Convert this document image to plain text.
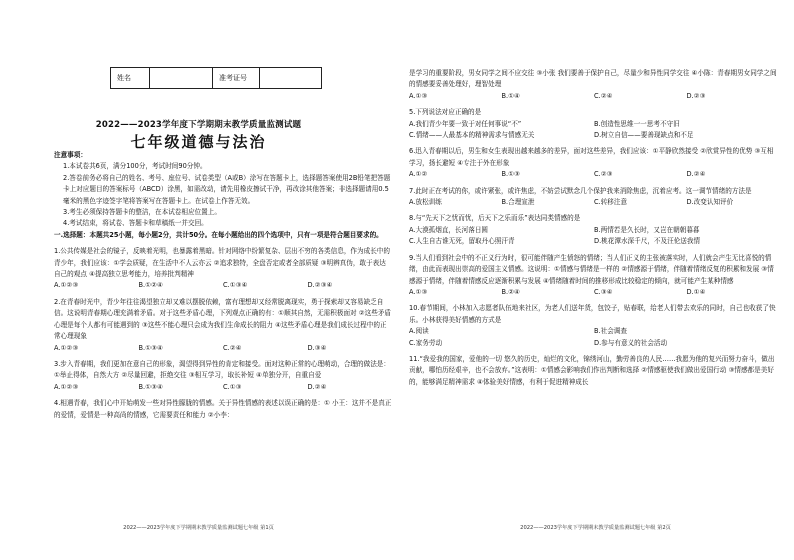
姓名	准考证号
2022——2023学年度下学期期末教学质量监测试题
七年级道德与法治

注意事项：

1.本试卷共6页，满分100分，考试时间90分钟。

2.答卷前务必将自己的姓名、考号、座位号、试卷类型（A或B）涂写在答题卡上，选择题答案使用2B铅笔把答题卡上对应题目的答案标号（ABCD）涂黑，如需改动，请先用橡皮擦试干净，再改涂其他答案；非选择题请用0.5毫米的黑色字迹签字笔将答案写在答题卡上。在试卷上作答无效。

3.考生必须保持答题卡的整洁，在本试卷相应位置上。

4.考试结束，将试卷、答题卡和草稿纸一并交回。

一.选择题：本题共25小题，每小题2分，共计50分。在每小题给出的四个选项中，只有一项是符合题目要求的。

1.公共传媒是社会的镜子，反映着光明，也暴露着黑暗。针对网络中纷繁复杂、层出不穷的各类信息，作为成长中的青少年，我们应该：①学会质疑，在生活中不人云亦云 ②追求独特，全盘否定或者全部质疑 ③明辨真伪，敢于表达自己的观点 ④提高独立思考能力，培养批判精神

A.①②③	B.①②④	C.①③④	D.②③④

2.在青春时光中，青少年往往渴望独立却又难以摆脱依赖，富有理想却又经常脱离现实，勇于探索却又容易缺乏自信。这说明青春期心理充满着矛盾。对于这些矛盾心理，下列观点正确的有：①顺其自然，无需积极面对 ②这些矛盾心理是每个人都有可能遇到的 ③这些不能心理只会成为我们生命成长的阻力 ④这些矛盾心理是我们成长过程中的正常心理现象

A.①②③	B.①③④	C.②④	D.③④

3.步入青春期，我们更加在意自己的形象，渴望得到异性的肯定和接受。面对这种正常的心理萌动，合理的做法是：①举止得体，自然大方 ②尽量回避，拒绝交往 ③相互学习，取长补短 ④单独分开，自重自爱

A.①②③	B.①③④	C.①③	D.②④

4.相遇青春，我们心中开始萌发一些对异性朦胧的情感。关于异性情感的表述以误正确的是：① 小王：这并不是真正的爱情，爱情是一种高尚的情感，它需要责任和能力 ②小李：

2022——2023学年度下学期期末教学质量监测试题七年级 第1页

是学习的重要阶段，男女同学之间不应交往 ③小张 我们要善于保护自己，尽量少和异性同学交往 ④小陈：青春期男女同学之间的情感要妥善处理好，理智处理

A.①③	B.①④	C.②④	D.②③

5.下列说法对应正确的是

A.我们青少年要一致于对任何事说“不”	B.创造性思维一一思考不守旧
C.情绪——人最基本的精神需求与情感无关	D.树立自信——要善现缺点和不足

6.迅入青春期以后，男生和女生表现出越来越多的差异，面对这些差异，我们应该：①平静欣然接受 ②欣赏异性的优势 ③互相学习，扬长避短 ④专注于外在形象

A.①②	B.①③	C.②③	D.②④

7.此时正在考试的你，或许紧张，或许焦虑，不妨尝试默念几个保护我来消除焦虑，沉着应考。这一调节情绪的方法是

A.放松训练	B.合理宣泄	C.转移注意	D.改变认知评价

8.与“先天下之忧而忧，后天下之乐而乐”表达同类情感的是

A.大漠孤烟直，长河落日圆	B.两情若是久长时，又岂在朝朝暮暮
C.人生自古谁无死，留取丹心照汗青	D.桃花潭水深千尺，不及汪伦送我情

9.当人们看到社会中的不正义行为时，很可能伴随产生愤怒的情绪；当人们正义的主张被落实时，人们就会产生无比喜悦的情绪，由此而表现出崇高的爱国主义情感。这说明：①情感与情绪是一样的 ②情感源于情绪，伴随着情绪反复的积累和发展 ③情感源于情绪，伴随着情感反应逐渐积累与发展 ④情绪随着时间的推移形成比较稳定的倾向，就可能产生某种情感

A.①③	B.②④	C.③④	D.①④

10.春节期间，小林加入志愿者队伍地来社区，为老人们送年货，包饺子，贴春联，给老人们带去欢乐的同时，自己也收获了快乐。小林获得美好情感的方式是

A.阅读	B.社会调查
C.家务劳动	D.参与有意义的社会活动

11.“我爱我的国家，爱他的一切 悠久的历史，灿烂的文化，锦绣河山，勤劳善良的人民……我愿为他的复兴而努力奋斗，做出贡献，哪怕历经艰辛，也不会放弃。”这表明：①情感会影响我们作出判断和选择 ②情感驱使我们做出爱国行动 ③情感都是美好的，能够满足精神需求 ④体验美好情感，有利于促进精神成长

2022——2023学年度下学期期末教学质量监测试题七年级 第2页
